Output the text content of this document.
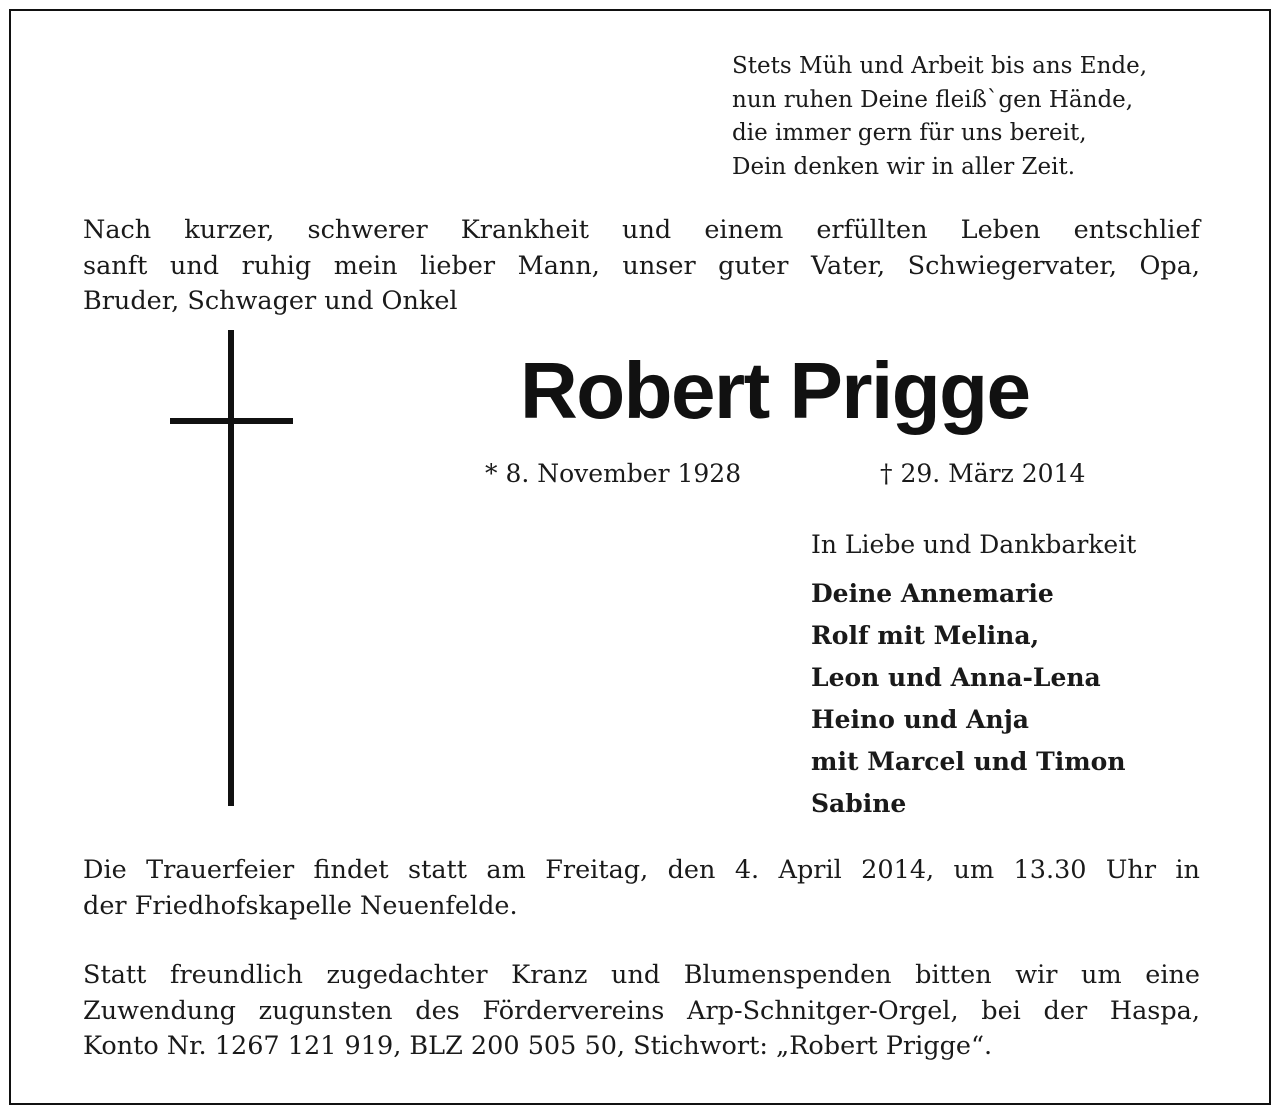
Stets Müh und Arbeit bis ans Ende,
nun ruhen Deine fleiß`gen Hände,
die immer gern für uns bereit,
Dein denken wir in aller Zeit.
Nach kurzer, schwerer Krankheit und einem erfüllten Leben entschlief
sanft und ruhig mein lieber Mann, unser guter Vater, Schwiegervater, Opa,
Bruder, Schwager und Onkel
Robert Prigge
* 8. November 1928	† 29. März 2014
In Liebe und Dankbarkeit
Deine Annemarie
Rolf mit Melina,
Leon und Anna-Lena
Heino und Anja
mit Marcel und Timon
Sabine
Die Trauerfeier findet statt am Freitag, den 4. April 2014, um 13.30 Uhr in
der Friedhofskapelle Neuenfelde.
Statt freundlich zugedachter Kranz und Blumenspenden bitten wir um eine
Zuwendung zugunsten des Fördervereins Arp-Schnitger-Orgel, bei der Haspa,
Konto Nr. 1267 121 919, BLZ 200 505 50, Stichwort: „Robert Prigge“.
